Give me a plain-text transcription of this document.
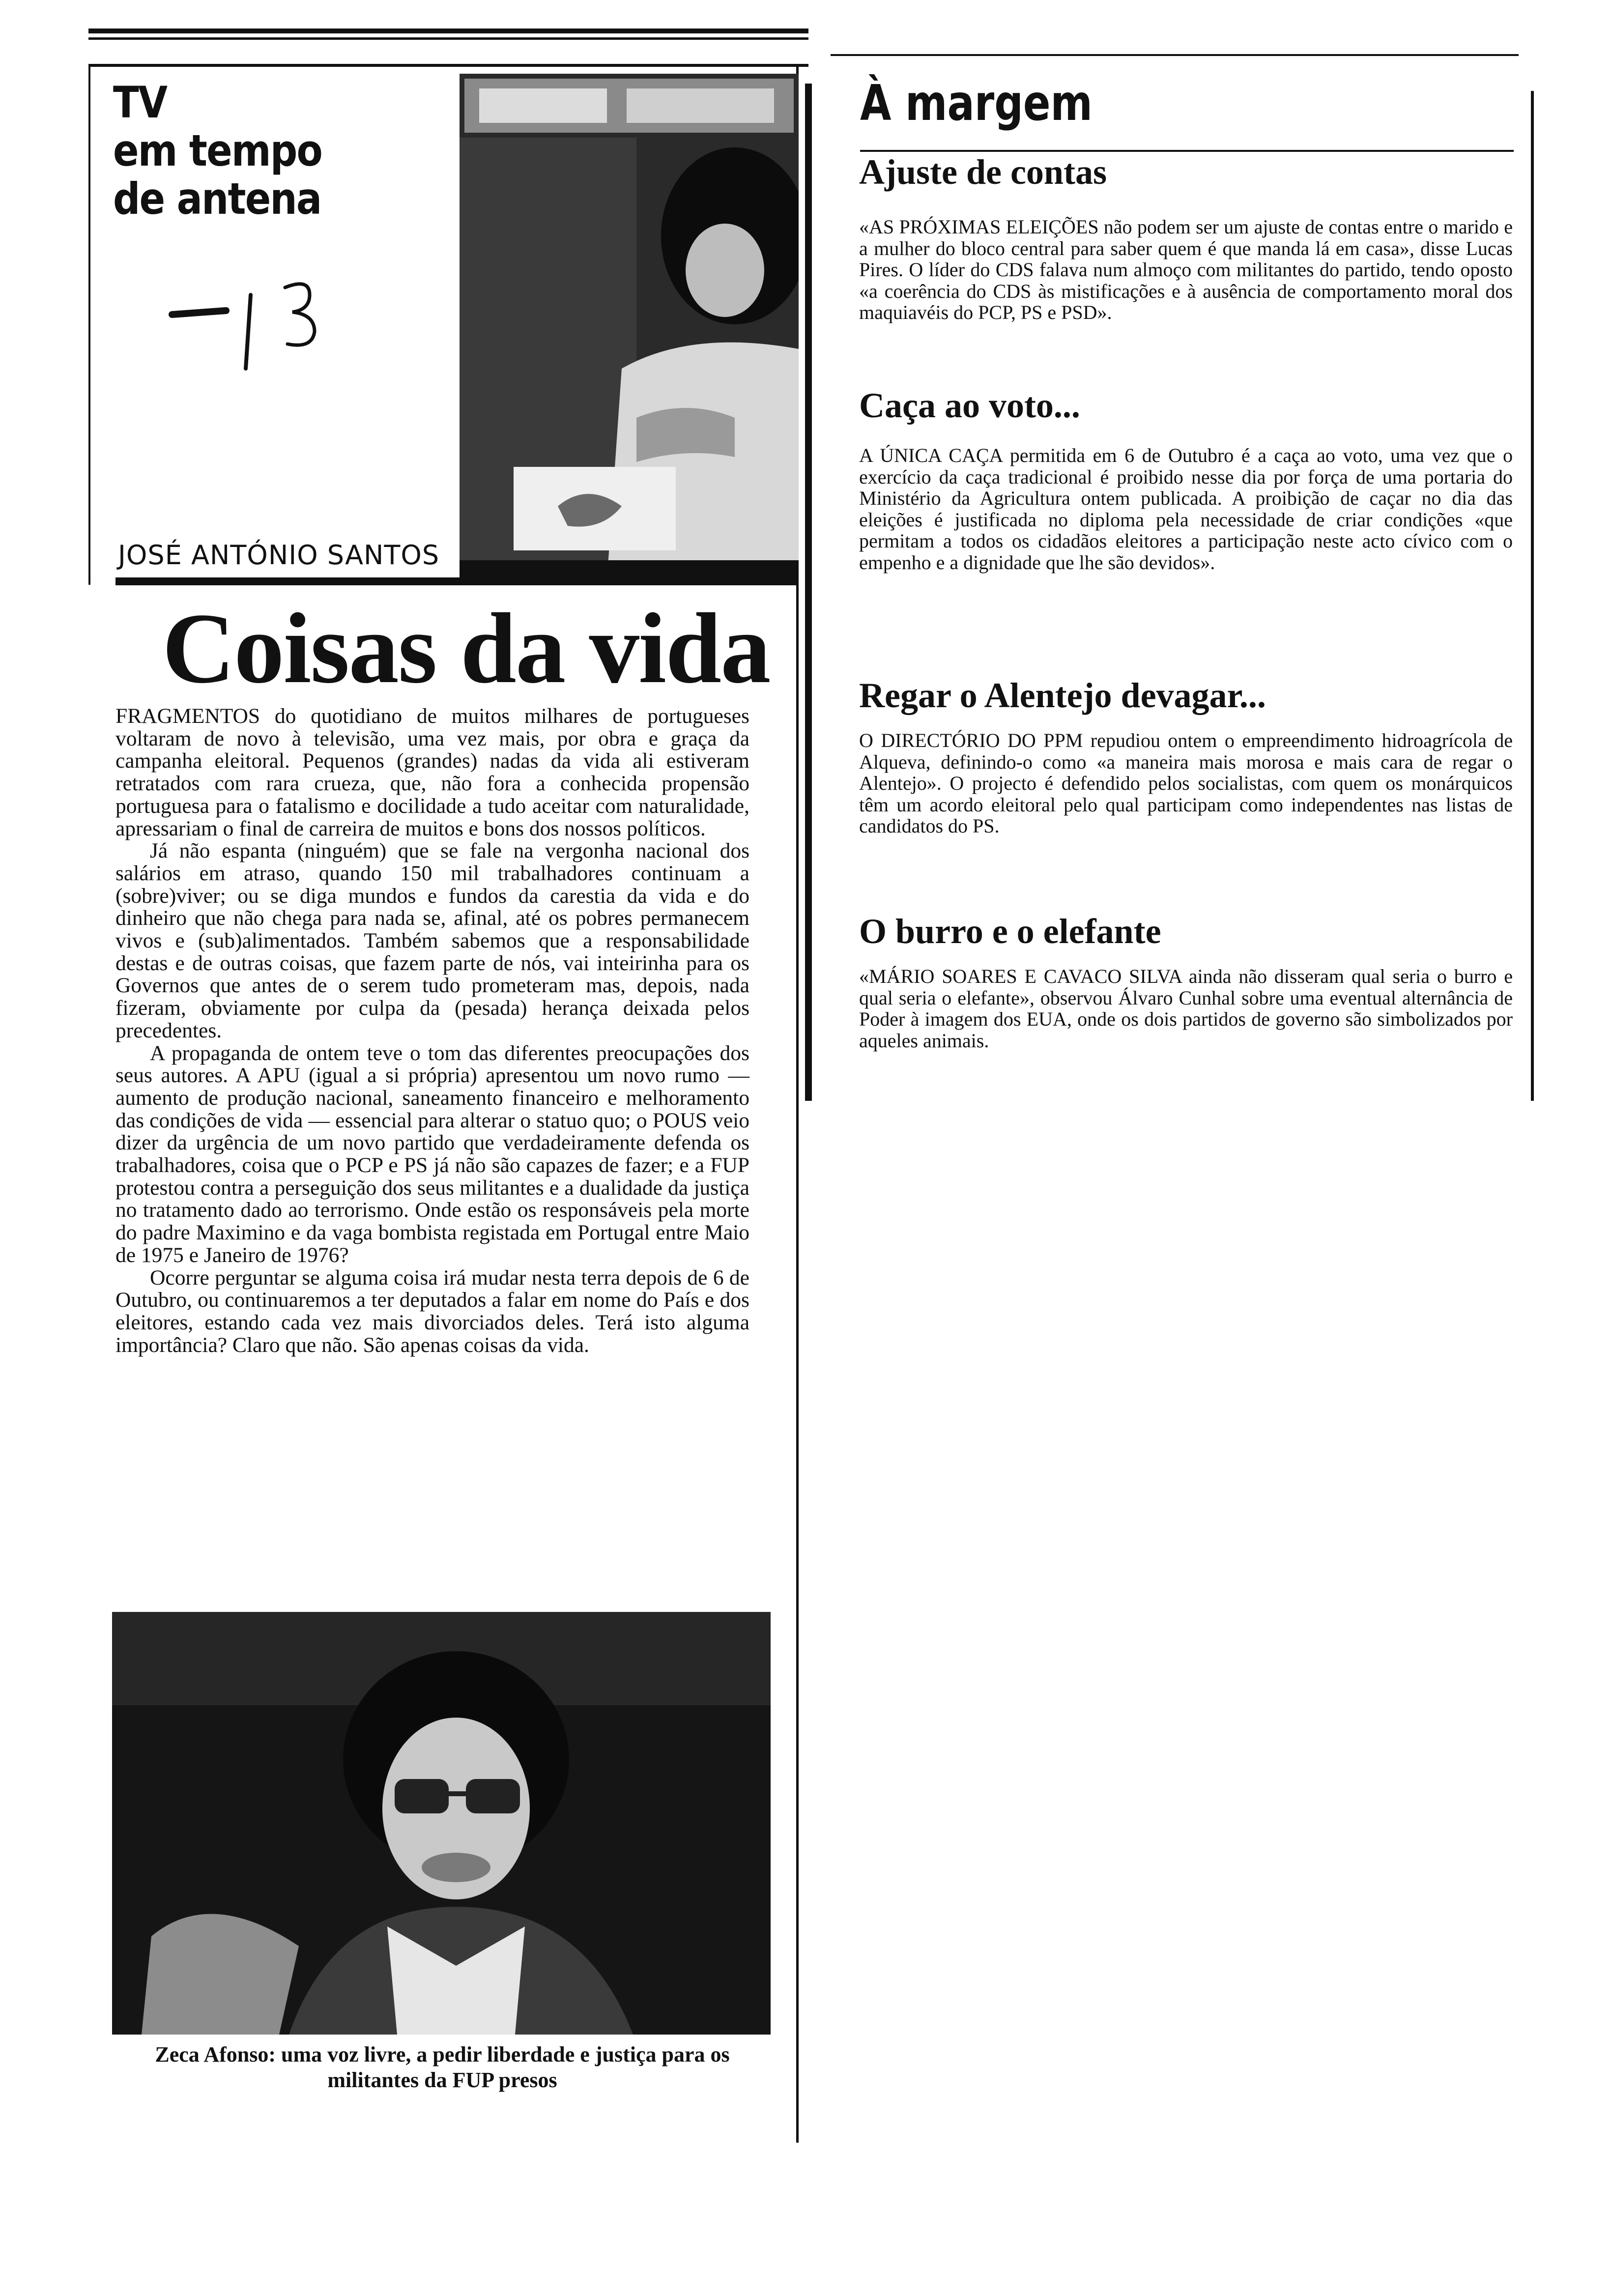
TV
em tempo
de antena

JOSÉ ANTÓNIO SANTOS

Coisas da vida

FRAGMENTOS do quotidiano de muitos milhares de portugueses voltaram de novo à televisão, uma vez mais, por obra e graça da campanha eleitoral. Pequenos (grandes) nadas da vida ali estiveram retratados com rara crueza, que, não fora a conhecida propensão portuguesa para o fatalismo e docilidade a tudo aceitar com naturalidade, apressariam o final de carreira de muitos e bons dos nossos políticos.

Já não espanta (ninguém) que se fale na vergonha nacional dos salários em atraso, quando 150 mil trabalhadores continuam a (sobre)viver; ou se diga mundos e fundos da carestia da vida e do dinheiro que não chega para nada se, afinal, até os pobres permanecem vivos e (sub)alimentados. Também sabemos que a responsabilidade destas e de outras coisas, que fazem parte de nós, vai inteirinha para os Governos que antes de o serem tudo prometeram mas, depois, nada fizeram, obviamente por culpa da (pesada) herança deixada pelos precedentes.

A propaganda de ontem teve o tom das diferentes preocupações dos seus autores. A APU (igual a si própria) apresentou um novo rumo — aumento de produção nacional, saneamento financeiro e melhoramento das condições de vida — essencial para alterar o statuo quo; o POUS veio dizer da urgência de um novo partido que verdadeiramente defenda os trabalhadores, coisa que o PCP e PS já não são capazes de fazer; e a FUP protestou contra a perseguição dos seus militantes e a dualidade da justiça no tratamento dado ao terrorismo. Onde estão os responsáveis pela morte do padre Maximino e da vaga bombista registada em Portugal entre Maio de 1975 e Janeiro de 1976?

Ocorre perguntar se alguma coisa irá mudar nesta terra depois de 6 de Outubro, ou continuaremos a ter deputados a falar em nome do País e dos eleitores, estando cada vez mais divorciados deles. Terá isto alguma importância? Claro que não. São apenas coisas da vida.

Zeca Afonso: uma voz livre, a pedir liberdade e justiça para os militantes da FUP presos

À margem
Ajuste de contas

«AS PRÓXIMAS ELEIÇÕES não podem ser um ajuste de contas entre o marido e a mulher do bloco central para saber quem é que manda lá em casa», disse Lucas Pires. O líder do CDS falava num almoço com militantes do partido, tendo oposto «a coerência do CDS às mistificações e à ausência de comportamento moral dos maquiavéis do PCP, PS e PSD».

Caça ao voto...

A ÚNICA CAÇA permitida em 6 de Outubro é a caça ao voto, uma vez que o exercício da caça tradicional é proibido nesse dia por força de uma portaria do Ministério da Agricultura ontem publicada. A proibição de caçar no dia das eleições é justificada no diploma pela necessidade de criar condições «que permitam a todos os cidadãos eleitores a participação neste acto cívico com o empenho e a dignidade que lhe são devidos».

Regar o Alentejo devagar...

O DIRECTÓRIO DO PPM repudiou ontem o empreendimento hidroagrícola de Alqueva, definindo-o como «a maneira mais morosa e mais cara de regar o Alentejo». O projecto é defendido pelos socialistas, com quem os monárquicos têm um acordo eleitoral pelo qual participam como independentes nas listas de candidatos do PS.

O burro e o elefante

«MÁRIO SOARES E CAVACO SILVA ainda não disseram qual seria o burro e qual seria o elefante», observou Álvaro Cunhal sobre uma eventual alternância de Poder à imagem dos EUA, onde os dois partidos de governo são simbolizados por aqueles animais.
